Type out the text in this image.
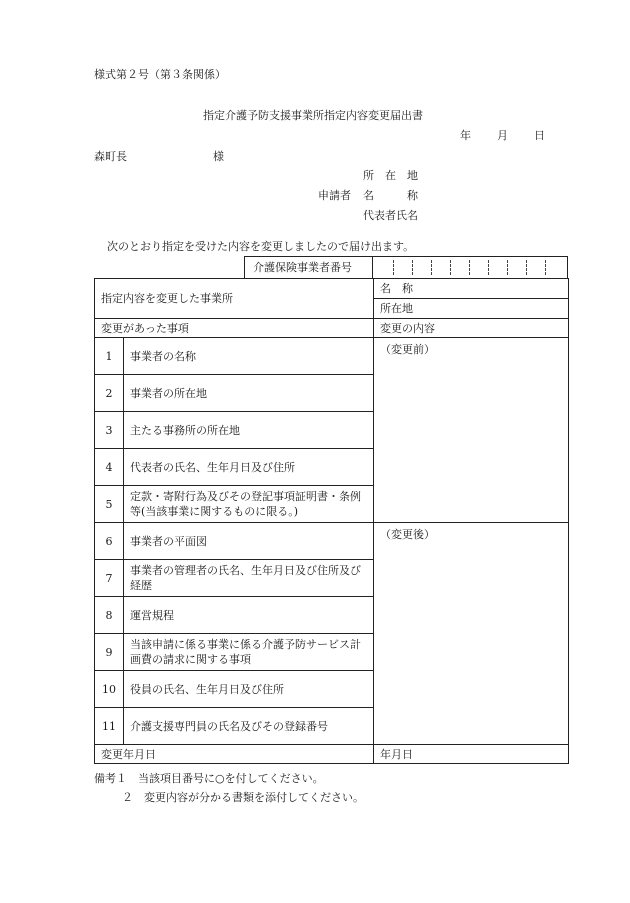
様式第２号（第３条関係）
指定介護予防支援事業所指定内容変更届出書
年 月 日
森町長	様
所　在　地
申請者 名　　　称
代表者氏名
次のとおり指定を受けた内容を変更しましたので届け出ます。
介護保険事業者番号
指定内容を変更した事業所		名　称
		所在地
変更があった事項		変更の内容
1	事業者の名称	（変更前）
2	事業者の所在地	
3	主たる事務所の所在地	
4	代表者の氏名、生年月日及び住所	
5	定款・寄附行為及びその登記事項証明書・条例等(当該事業に関するものに限る。)	
6	事業者の平面図	（変更後）
7	事業者の管理者の氏名、生年月日及び住所及び経歴	
8	運営規程	
9	当該申請に係る事業に係る介護予防サービス計画費の請求に関する事項	
10	役員の氏名、生年月日及び住所	
11	介護支援専門員の氏名及びその登録番号	
変更年月日		年月日
備考１　当該項目番号に○を付してください。
２　変更内容が分かる書類を添付してください。
